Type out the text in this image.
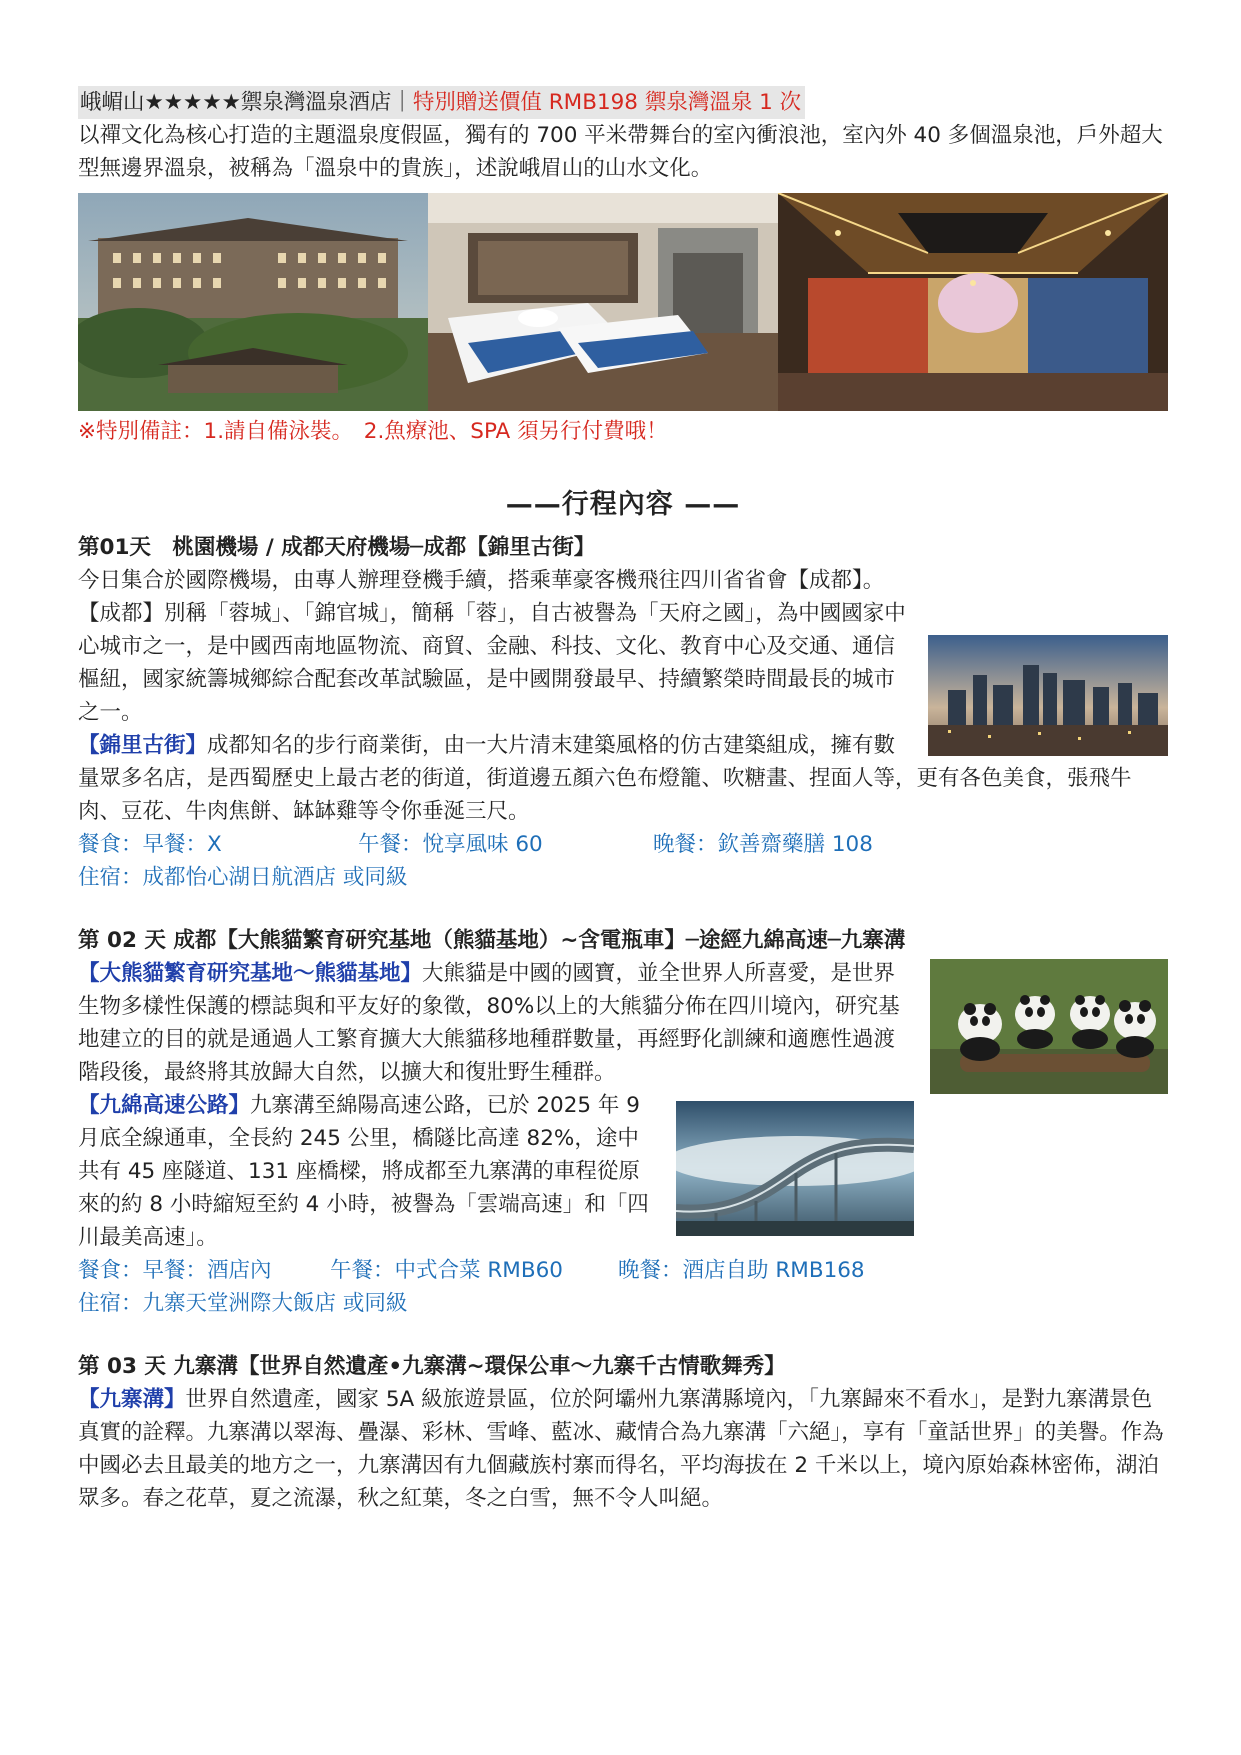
峨嵋山★★★★★禦泉灣溫泉酒店｜特別贈送價值 RMB198 禦泉灣溫泉 1 次

以禪文化為核心打造的主題溫泉度假區，獨有的 700 平米帶舞台的室內衝浪池，室內外 40 多個溫泉池，戶外超大型無邊界溫泉，被稱為「溫泉中的貴族」，述說峨眉山的山水文化。

※特別備註：1.請自備泳裝。　2.魚療池、SPA 須另行付費哦！

——行程內容 ——
第01天　桃園機場 / 成都天府機場─成都【錦里古街】

今日集合於國際機場，由專人辦理登機手續，搭乘華豪客機飛往四川省省會【成都】。

【成都】別稱「蓉城」、「錦官城」，簡稱「蓉」，自古被譽為「天府之國」，為中國國家中心城市之一，是中國西南地區物流、商貿、金融、科技、文化、教育中心及交通、通信樞紐，國家統籌城鄉綜合配套改革試驗區，是中國開發最早、持續繁榮時間最長的城市之一。

【錦里古街】成都知名的步行商業街，由一大片清末建築風格的仿古建築組成，擁有數量眾多名店，是西蜀歷史上最古老的街道，街道邊五顏六色布燈籠、吹糖畫、捏面人等，更有各色美食，張飛牛肉、豆花、牛肉焦餅、缽缽雞等令你垂涎三尺。

餐食：早餐：X	午餐：悅享風味 60	晚餐：欽善齋藥膳 108
住宿：成都怡心湖日航酒店 或同級
第 02 天 成都【大熊貓繁育研究基地（熊貓基地）~含電瓶車】─途經九綿高速─九寨溝

【大熊貓繁育研究基地～熊貓基地】大熊貓是中國的國寶，並全世界人所喜愛，是世界生物多樣性保護的標誌與和平友好的象徵，80%以上的大熊貓分佈在四川境內，研究基地建立的目的就是通過人工繁育擴大大熊貓移地種群數量，再經野化訓練和適應性過渡階段後，最終將其放歸大自然，以擴大和復壯野生種群。

【九綿高速公路】九寨溝至綿陽高速公路，已於 2025 年 9 月底全線通車，全長約 245 公里，橋隧比高達 82%，途中共有 45 座隧道、131 座橋樑，將成都至九寨溝的車程從原來的約 8 小時縮短至約 4 小時，被譽為「雲端高速」和「四川最美高速」。

餐食：早餐：酒店內	午餐：中式合菜 RMB60	晚餐：酒店自助 RMB168
住宿：九寨天堂洲際大飯店 或同級
第 03 天 九寨溝【世界自然遺產•九寨溝~環保公車～九寨千古情歌舞秀】

【九寨溝】世界自然遺產，國家 5A 級旅遊景區，位於阿壩州九寨溝縣境內，「九寨歸來不看水」，是對九寨溝景色真實的詮釋。九寨溝以翠海、疊瀑、彩林、雪峰、藍冰、藏情合為九寨溝「六絕」，享有「童話世界」的美譽。作為中國必去且最美的地方之一，九寨溝因有九個藏族村寨而得名，平均海拔在 2 千米以上，境內原始森林密佈，湖泊眾多。春之花草，夏之流瀑，秋之紅葉，冬之白雪，無不令人叫絕。
